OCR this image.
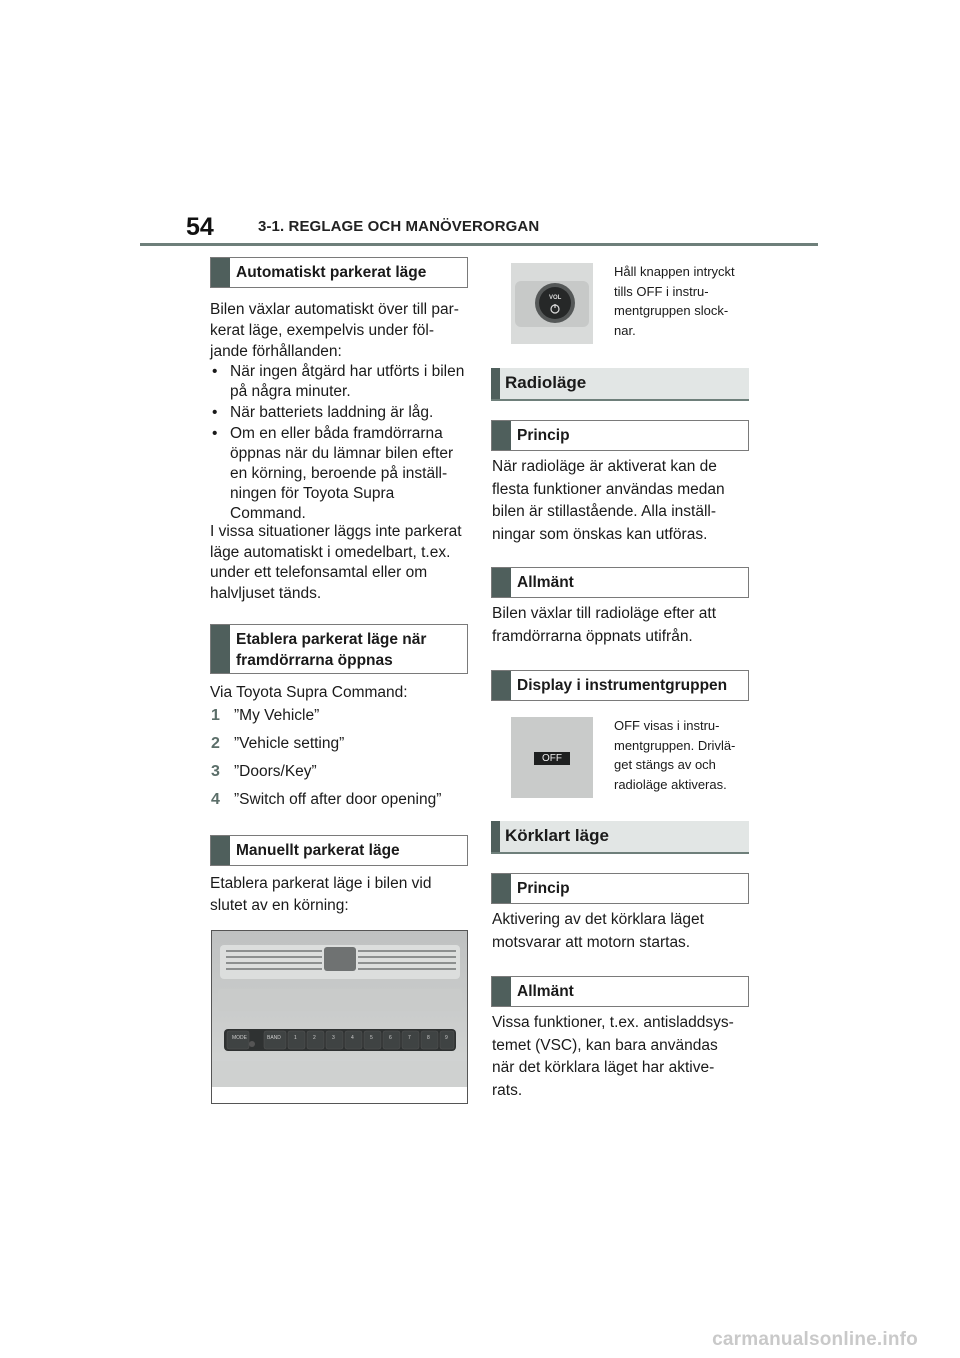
54	3-1. REGLAGE OCH MANÖVERORGAN
Automatiskt parkerat läge
Bilen växlar automatiskt över till par-
kerat läge, exempelvis under föl-
jande förhållanden:
• När ingen åtgärd har utförts i bilen
på några minuter.
• När batteriets laddning är låg.
• Om en eller båda framdörrarna
öppnas när du lämnar bilen efter
en körning, beroende på inställ-
ningen för Toyota Supra
Command.
I vissa situationer läggs inte parkerat
läge automatiskt i omedelbart, t.ex.
under ett telefonsamtal eller om
halvljuset tänds.
Etablera parkerat läge när
framdörrarna öppnas
Via Toyota Supra Command:
1 ”My Vehicle”
2 ”Vehicle setting”
3 ”Doors/Key”
4 ”Switch off after door opening”
Manuellt parkerat läge
Etablera parkerat läge i bilen vid
slutet av en körning:
MODE	BAND	1	2	3	4	5	6	7	8	9
VOL
Håll knappen intryckt
tills OFF i instru-
mentgruppen slock-
nar.
Radioläge
Princip
När radioläge är aktiverat kan de
flesta funktioner användas medan
bilen är stillastående. Alla inställ-
ningar som önskas kan utföras.
Allmänt
Bilen växlar till radioläge efter att
framdörrarna öppnats utifrån.
Display i instrumentgruppen
OFF
OFF visas i instru-
mentgruppen. Drivlä-
get stängs av och
radioläge aktiveras.
Körklart läge
Princip
Aktivering av det körklara läget
motsvarar att motorn startas.
Allmänt
Vissa funktioner, t.ex. antisladdsys-
temet (VSC), kan bara användas
när det körklara läget har aktive-
rats.
carmanualsonline.info
